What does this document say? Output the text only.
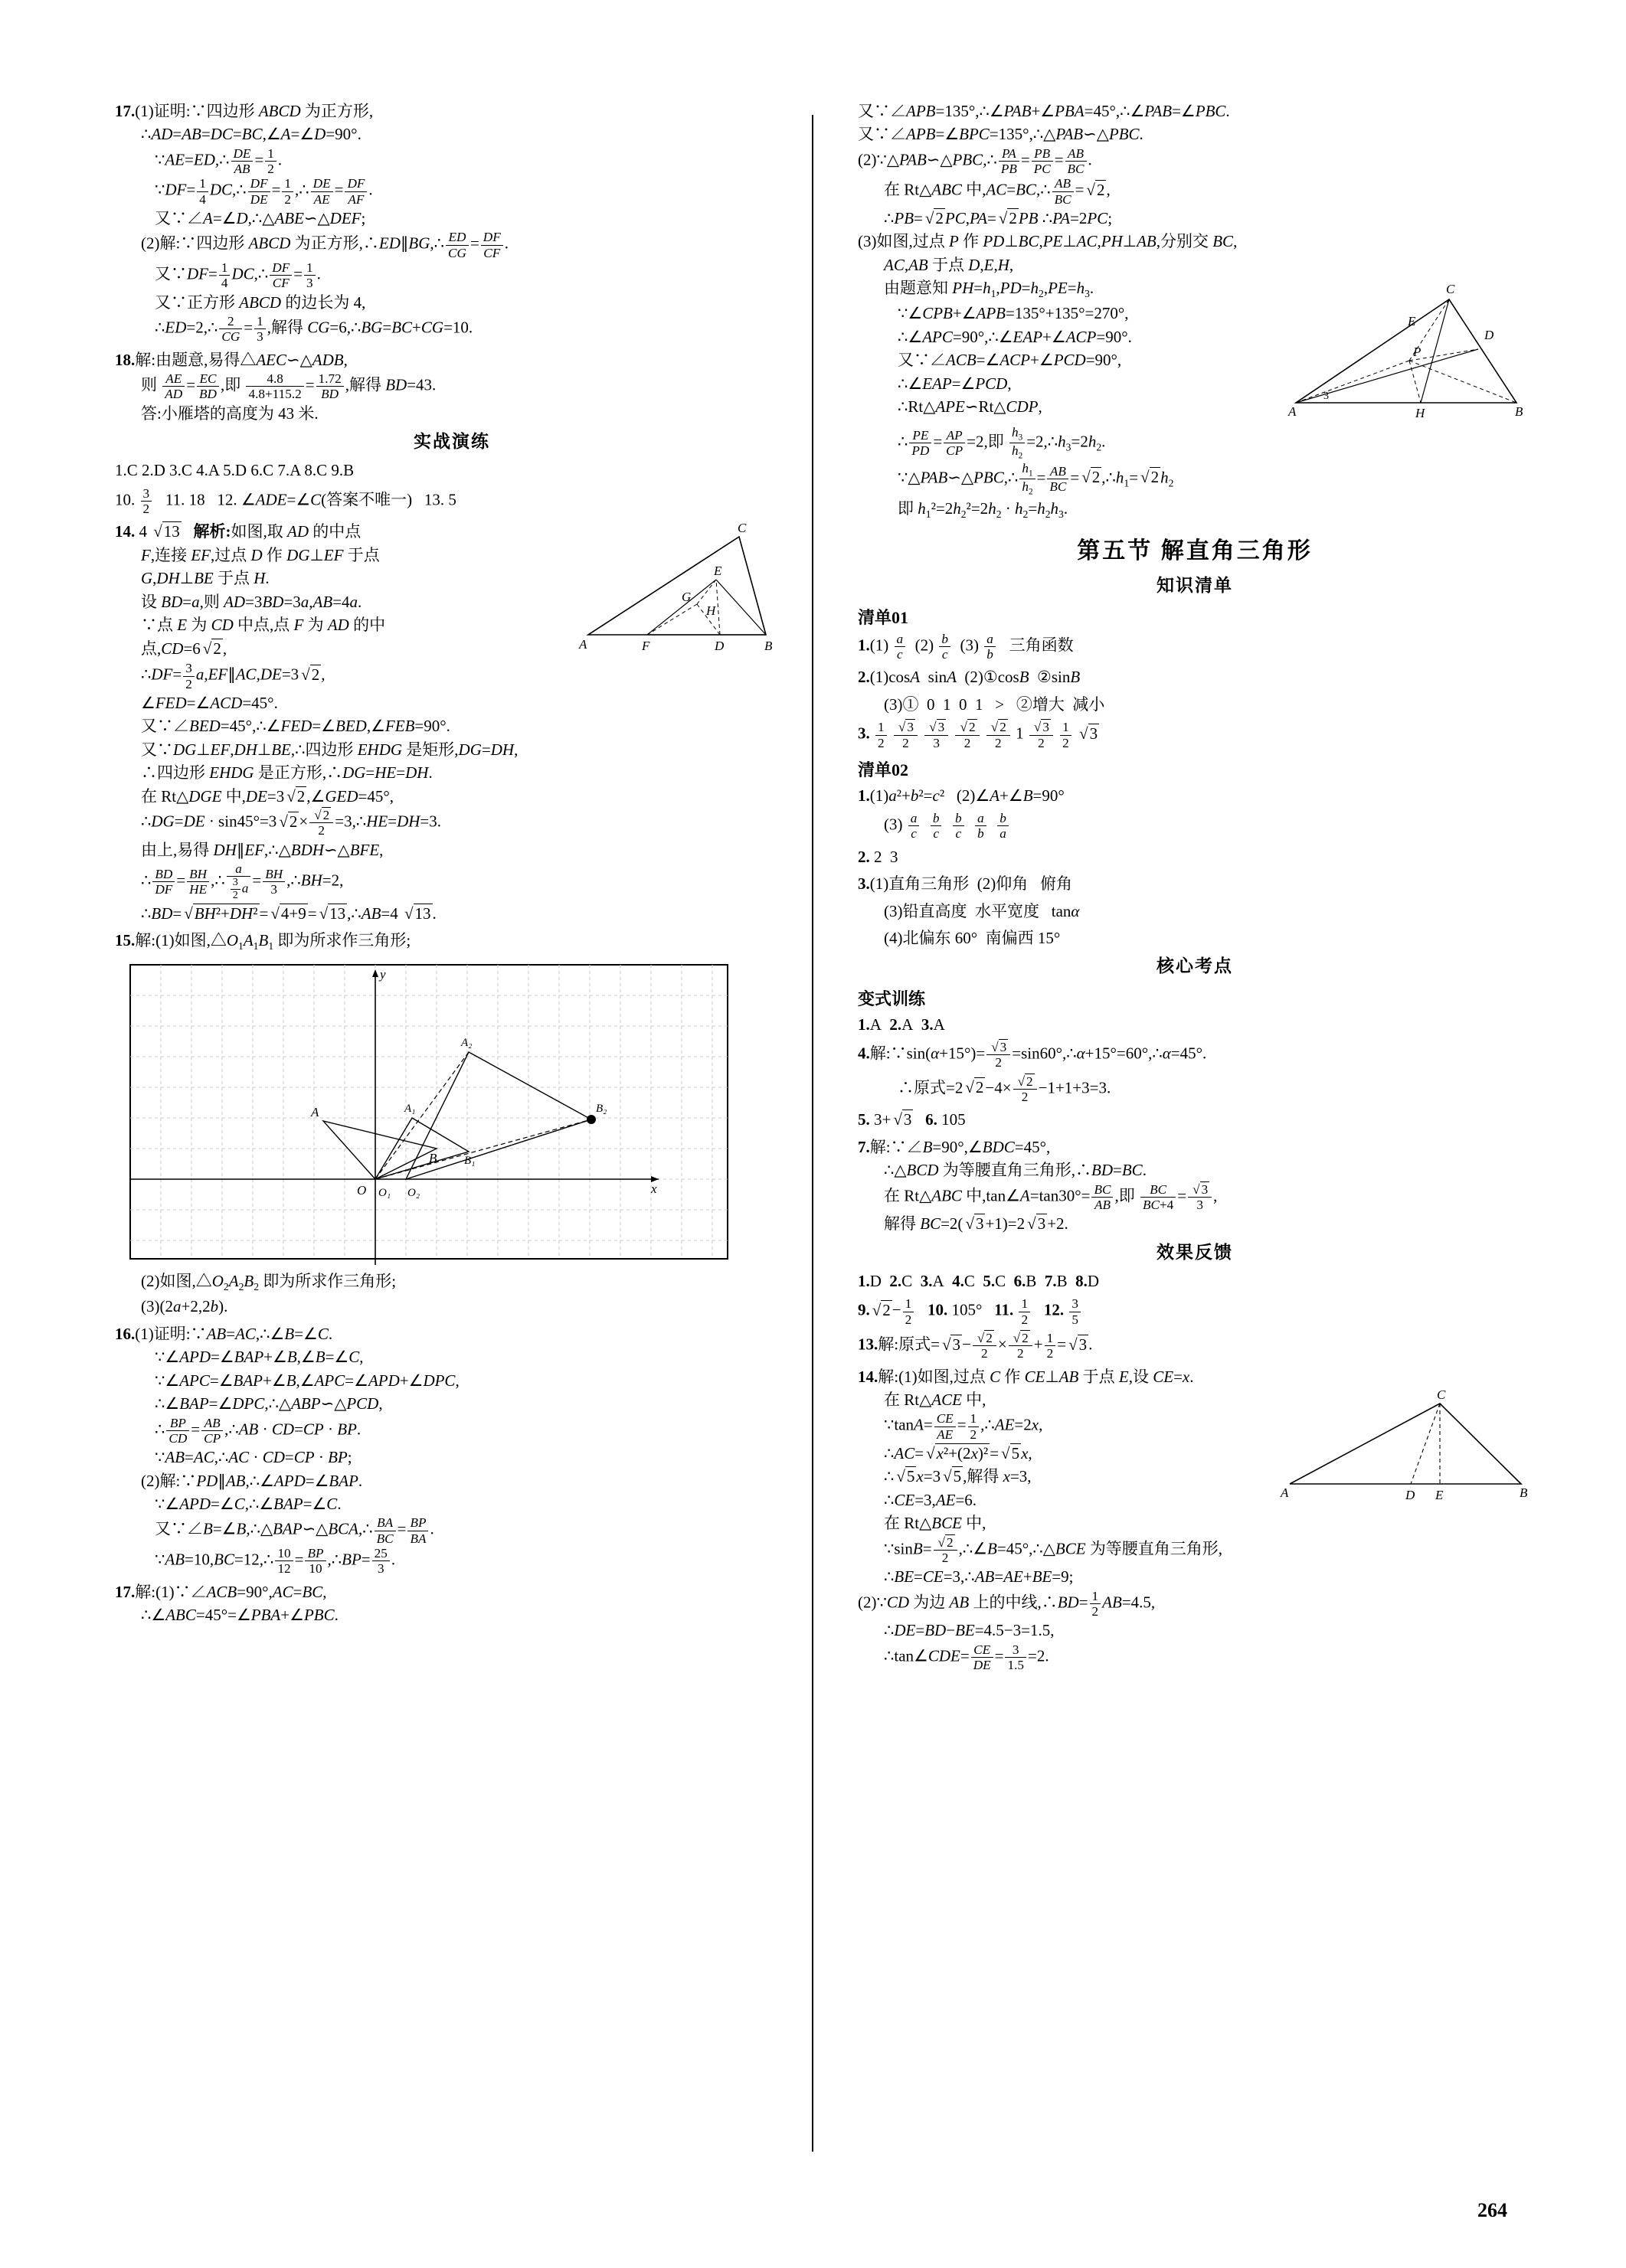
17.(1)证明:∵四边形 ABCD 为正方形,
∴AD=AB=DC=BC,∠A=∠D=90°.
∵AE=ED,∴ $\frac{DE}{AB} = \frac{1}{2}$ .
∵DF= $\frac{1}{4}$ DC,∴ $\frac{DF}{DE} = \frac{1}{2}$ ,∴ $\frac{DE}{AE} = \frac{DF}{AF}$ .
又∵∠A=∠D,∴△ABE∽△DEF;
(2)解:∵四边形 ABCD 为正方形,∴ED∥BG,∴ $\frac{ED}{CG} = \frac{DF}{CF}$ .
又∵DF= $\frac{1}{4}$ DC,∴ $\frac{DF}{CF} = \frac{1}{3}$ .
又∵正方形 ABCD 的边长为 4,
∴ED=2,∴ $\frac{2}{CG} = \frac{1}{3}$ ,解得 CG=6,∴BG=BC+CG=10.
18.解:由题意,易得△AEC∽△ADB,
则 $\frac{AE}{AD} = \frac{EC}{BD}$ ,即 $\frac{4.8}{4.8+115.2} = \frac{1.72}{BD}$ ,解得 BD=43.
答:小雁塔的高度为 43 米.
实战演练
1.C 2.D 3.C 4.A 5.D 6.C 7.A 8.C 9.B
10. $\frac{3}{2} 11$. 18   12. ∠ADE=∠C(答案不唯一)   13. 5
C
E
G
H
A	F	D	B
14. 4 √13 解析:如图,取 AD 的中点
F,连接 EF,过点 D 作 DG⊥EF 于点
G,DH⊥BE 于点 H.
设 BD=a,则 AD=3BD=3a,AB=4a.
∵点 E 为 CD 中点,点 F 为 AD 的中
点,CD=6 √2,
∴DF= $\frac{3}{2}$ a,EF∥AC,DE=3 √2,
∠FED=∠ACD=45°.
又∵∠BED=45°,∴∠FED=∠BED,∠FEB=90°.
又∵DG⊥EF,DH⊥BE,∴四边形 EHDG 是矩形,DG=DH,
∴四边形 EHDG 是正方形,∴DG=HE=DH.
在 Rt△DGE 中,DE=3 √2,∠GED=45°,
∴DG=DE · sin45°=3 $√2\times \frac{√ 2}{2}$ =3,∴HE=DH=3.
由上,易得 DH∥EF,∴△BDH∽△BFE,
∴ $\frac{BD}{DF} = \frac{BH}{HE}$ ,∴ $\frac{a}{\frac{3}{2} a} = \frac{BH}{3}$ ,∴BH=2,
∴BD= √BH²+DH²= √4+9= √13,∴AB=4 √13.
15.解:(1)如图$,\triangle O_1A_1B_1$ 即为所求作三角形;
y
x
O O₁ O₂
A	A₁
A₂
B B₁
B₂
(2)如图$,\triangle O_2A_2B_2$ 即为所求作三角形;
(3)(2a+2,2b).
16.(1)证明:∵AB=AC,∴∠B=∠C.
∵∠APD=∠BAP+∠B,∠B=∠C,
∵∠APC=∠BAP+∠B,∠APC=∠APD+∠DPC,
∴∠BAP=∠DPC,∴△ABP∽△PCD,
∴ $\frac{BP}{CD} = \frac{AB}{CP}$ ,∴AB · CD=CP · BP.
∵AB=AC,∴AC · CD=CP · BP;
(2)解:∵PD∥AB,∴∠APD=∠BAP.
∵∠APD=∠C,∴∠BAP=∠C.
又∵∠B=∠B,∴△BAP∽△BCA,∴ $\frac{BA}{BC} = \frac{BP}{BA}$ .
∵AB=10,BC=12,∴ $\frac{10}{12} = \frac{BP}{10}$ ,∴BP= $\frac{25}{3}$ .
17.解:(1)∵∠ACB=90°,AC=BC,
∴∠ABC=45°=∠PBA+∠PBC.
又∵∠APB=135°,∴∠PAB+∠PBA=45°,∴∠PAB=∠PBC.
又∵∠APB=∠BPC=135°,∴△PAB∽△PBC.
(2)∵△PAB∽△PBC,∴ $\frac{PA}{PB} = \frac{PB}{PC} = \frac{AB}{BC}$ .
在 Rt△ABC 中,AC=BC,∴ $\frac{AB}{BC} = √2$,
∴PB= √2PC,PA= √2PB ∴PA=2PC;
(3)如图,过点 P 作 PD⊥BC,PE⊥AC,PH⊥AB,分别交 BC,
AC,AB 于点 D,E,H,
C
E
D
P
A	H	B
3
由题意知 $PH=h_1,PD=h_2,PE=h_3$.
∵∠CPB+∠APB=135°+135°=270°,
∴∠APC=90°,∴∠EAP+∠ACP=90°.
又∵∠ACB=∠ACP+∠PCD=90°,
∴∠EAP=∠PCD,
∴Rt△APE∽Rt△CDP,
∴ $\frac{PE}{PD} = \frac{AP}{CP} =2$,即 $\frac{h_3}{h_2}$ $=2,\therefore h_3=2h_2$.
∵△PAB∽△PBC,∴ $\frac{h_1}{h_2} = \frac{AB}{BC}$ = $√2,\therefore h_1= √2h_2$
即 $h_1^2=2h_2^2=2h_2 \cdot h_2=h_2h_3$.
第五节 解直角三角形
知识清单
清单01
$1.(1) \frac{a}{c} (2) \frac{b}{c} (3) \frac{a}{b}$ 三角函数
2.(1)cosA  sinA  (2)①cosB  ②sinB
(3)①  0  1  0  1   >   ②增大  减小
3. $\frac{1}{2}$
$\frac{√ 3}{2}$
$\frac{√ 3}{3}$
$\frac{√ 2}{2}$
$\frac{√ 2}{2} 1 \frac{√ 3}{2}$
$\frac{1}{2} √3$
清单02
1.(1)a²+b²=c²   (2)∠A+∠B=90°
$(3) \frac{a}{c}$
$\frac{b}{c}$
$\frac{b}{c}$
$\frac{a}{b}$
$\frac{b}{a}$
2. 2  3
3.(1)直角三角形  (2)仰角   俯角
(3)铅直高度  水平宽度   tanα
(4)北偏东 60°  南偏西 15°
核心考点
变式训练
1.A  2.A  3.A
4.解:∵sin(α+15°)= $\frac{√ 3}{2}$ =sin60°,∴α+15°=60°,∴α=45°.
∴原式=2 $√2-4\times \frac{√ 2}{2} -1+1+3=3$.
5. 3+ √3 6. 105
7.解:∵∠B=90°,∠BDC=45°,
∴△BCD 为等腰直角三角形,∴BD=BC.
在 Rt△ABC 中,tan∠A=tan30°= $\frac{BC}{AB}$ ,即 $\frac{BC}{BC+4} = \frac{√ 3}{3}$ ,
解得 BC=2( √3+1)=2 √3+2.
效果反馈
1.D  2.C  3.A  4.C  5.C  6.B  7.B  8.D
9. $√2- \frac{1}{2} 10$. 105°   11. $\frac{1}{2} 12$. $\frac{3}{5}$
13.解:原式= $√3- \frac{√ 2}{2} \times \frac{√ 2}{2} + \frac{1}{2} = √3$.
14.解:(1)如图,过点 C 作 CE⊥AB 于点 E,设 CE=x.
C
A	D E	B
在 Rt△ACE 中,
∵tanA= $\frac{CE}{AE} = \frac{1}{2}$ ,∴AE=2x,
∴AC= √x²+(2x)²= √5x,
∴ √5x=3 √5,解得 x=3,
∴CE=3,AE=6.
在 Rt△BCE 中,
∵sinB= $\frac{√ 2}{2}$ ,∴∠B=45°,∴△BCE 为等腰直角三角形,
∴BE=CE=3,∴AB=AE+BE=9;
(2)∵CD 为边 AB 上的中线,∴BD= $\frac{1}{2} AB=4.5$,
∴DE=BD−BE=4.5−3=1.5,
∴tan∠CDE= $\frac{CE}{DE} = \frac{3}{1.5} =2$.
264
